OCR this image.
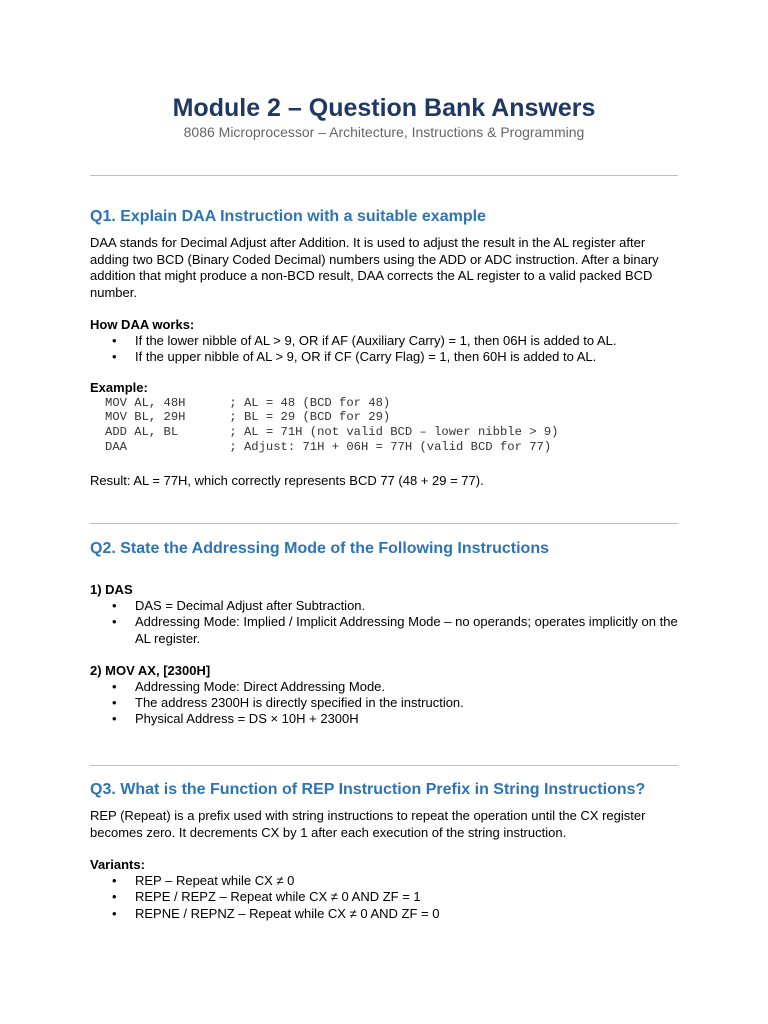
Module 2 – Question Bank Answers
8086 Microprocessor – Architecture, Instructions & Programming
Q1. Explain DAA Instruction with a suitable example

DAA stands for Decimal Adjust after Addition. It is used to adjust the result in the AL register after adding two BCD (Binary Coded Decimal) numbers using the ADD or ADC instruction. After a binary addition that might produce a non-BCD result, DAA corrects the AL register to a valid packed BCD number.

How DAA works:

• If the lower nibble of AL > 9, OR if AF (Auxiliary Carry) = 1, then 06H is added to AL.
• If the upper nibble of AL > 9, OR if CF (Carry Flag) = 1, then 60H is added to AL.

Example:

MOV AL, 48H      ; AL = 48 (BCD for 48)
MOV BL, 29H      ; BL = 29 (BCD for 29)
ADD AL, BL       ; AL = 71H (not valid BCD – lower nibble > 9)
DAA              ; Adjust: 71H + 06H = 77H (valid BCD for 77)

Result: AL = 77H, which correctly represents BCD 77 (48 + 29 = 77).

Q2. State the Addressing Mode of the Following Instructions

1) DAS

• DAS = Decimal Adjust after Subtraction.
• Addressing Mode: Implied / Implicit Addressing Mode – no operands; operates implicitly on the AL register.

2) MOV AX, [2300H]

• Addressing Mode: Direct Addressing Mode.
• The address 2300H is directly specified in the instruction.
• Physical Address = DS × 10H + 2300H
Q3. What is the Function of REP Instruction Prefix in String Instructions?

REP (Repeat) is a prefix used with string instructions to repeat the operation until the CX register becomes zero. It decrements CX by 1 after each execution of the string instruction.

Variants:

• REP – Repeat while CX ≠ 0
• REPE / REPZ – Repeat while CX ≠ 0 AND ZF = 1
• REPNE / REPNZ – Repeat while CX ≠ 0 AND ZF = 0
